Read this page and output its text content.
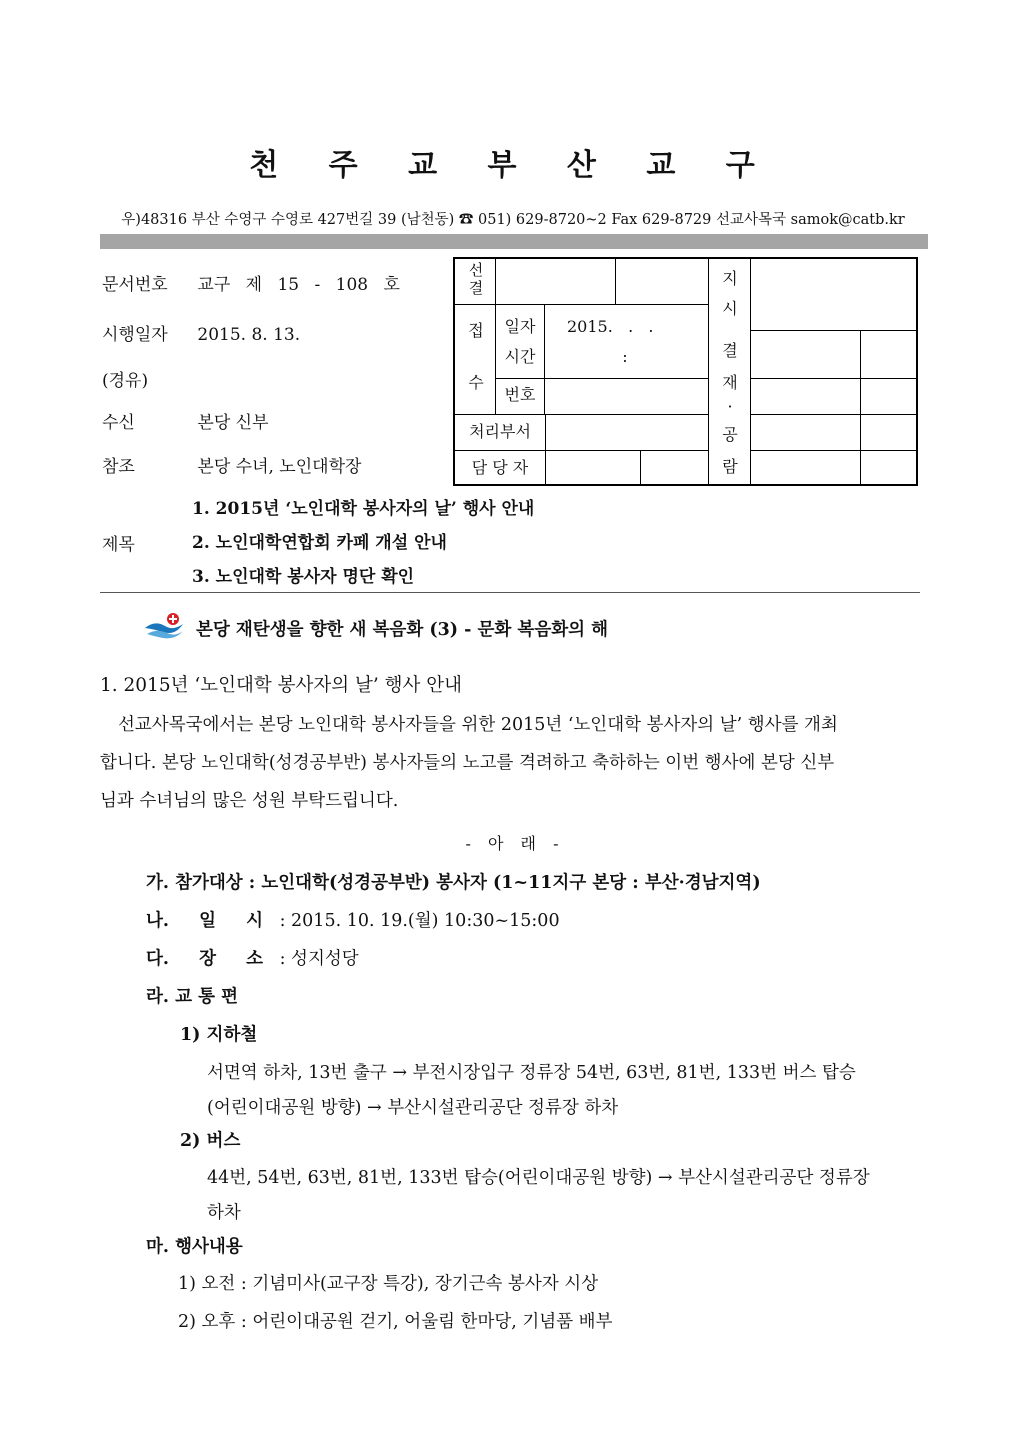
천 주 교 부 산 교 구
우)48316 부산 수영구 수영로 427번길 39 (남천동) ☎ 051) 629-8720~2 Fax 629-8729 선교사목국 samok@catb.kr
문서번호 교구 제 15 - 108 호
시행일자 2015. 8. 13.
(경유)
수신	본당 신부
참조	본당 수녀, 노인대학장
선
결
접
수
일자
시간
번호
2015.   .   .
:
처리부서
담 당 자
지
시
결
재
·
공
람
제목
1. 2015년 ‘노인대학 봉사자의 날’ 행사 안내
2. 노인대학연합회 카페 개설 안내
3. 노인대학 봉사자 명단 확인
본당 재탄생을 향한 새 복음화 (3) - 문화 복음화의 해
1. 2015년 ‘노인대학 봉사자의 날’ 행사 안내
선교사목국에서는 본당 노인대학 봉사자들을 위한 2015년 ‘노인대학 봉사자의 날’ 행사를 개최
합니다. 본당 노인대학(성경공부반) 봉사자들의 노고를 격려하고 축하하는 이번 행사에 본당 신부
님과 수녀님의 많은 성원 부탁드립니다.
- 아 래 -
가. 참가대상 : 노인대학(성경공부반) 봉사자 (1~11지구 본당 : 부산·경남지역)
나. 일 시 : 2015. 10. 19.(월) 10:30~15:00
다. 장 소 : 성지성당
라. 교 통 편
1) 지하철
서면역 하차, 13번 출구 → 부전시장입구 정류장 54번, 63번, 81번, 133번 버스 탑승
(어린이대공원 방향) → 부산시설관리공단 정류장 하차
2) 버스
44번, 54번, 63번, 81번, 133번 탑승(어린이대공원 방향) → 부산시설관리공단 정류장
하차
마. 행사내용
1) 오전 : 기념미사(교구장 특강), 장기근속 봉사자 시상
2) 오후 : 어린이대공원 걷기, 어울림 한마당, 기념품 배부
